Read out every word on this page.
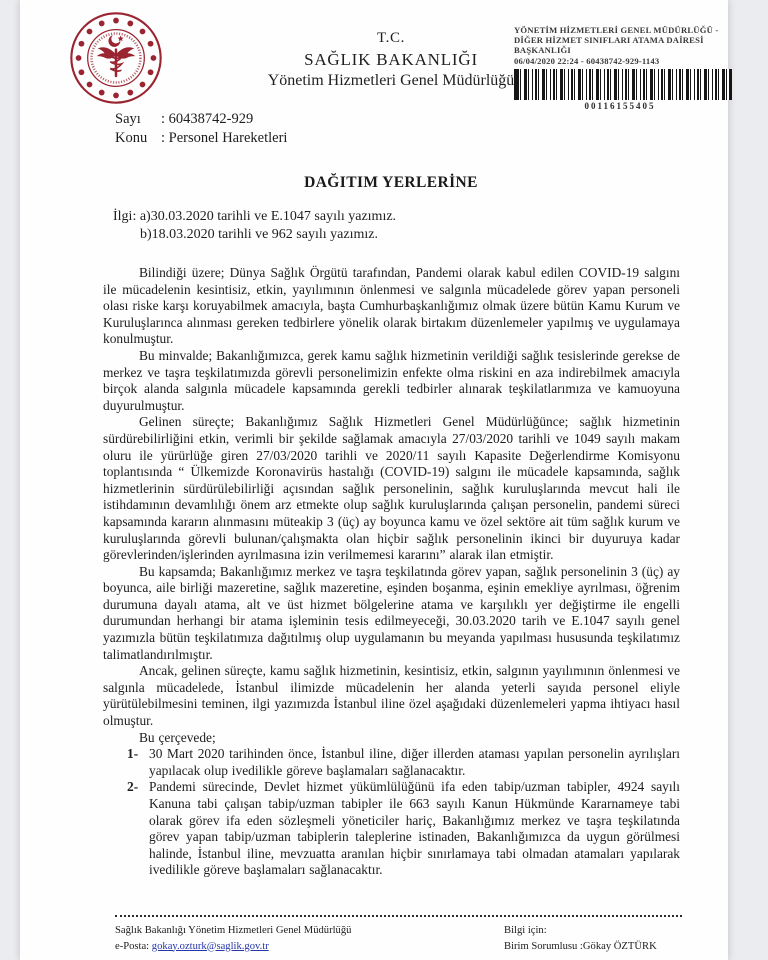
T.C.
SAĞLIK BAKANLIĞI
Yönetim Hizmetleri Genel Müdürlüğü
YÖNETİM HİZMETLERİ GENEL MÜDÜRLÜĞÜ -
DİĞER HİZMET SINIFLARI ATAMA DAİRESİ
BAŞKANLIĞI
06/04/2020 22:24 - 60438742-929-1143
00116155405
Sayı : 60438742-929
Konu : Personel Hareketleri
DAĞITIM YERLERİNE
İlgi: a)30.03.2020 tarihli ve E.1047 sayılı yazımız.
b)18.03.2020 tarihli ve 962 sayılı yazımız.

Bilindiği üzere; Dünya Sağlık Örgütü tarafından, Pandemi olarak kabul edilen COVID-19 salgını ile mücadelenin kesintisiz, etkin, yayılımının önlenmesi ve salgınla mücadelede görev yapan personeli olası riske karşı koruyabilmek amacıyla, başta Cumhurbaşkanlığımız olmak üzere bütün Kamu Kurum ve Kuruluşlarınca alınması gereken tedbirlere yönelik olarak birtakım düzenlemeler yapılmış ve uygulamaya konulmuştur.

Bu minvalde; Bakanlığımızca, gerek kamu sağlık hizmetinin verildiği sağlık tesislerinde gerekse de merkez ve taşra teşkilatımızda görevli personelimizin enfekte olma riskini en aza indirebilmek amacıyla birçok alanda salgınla mücadele kapsamında gerekli tedbirler alınarak teşkilatlarımıza ve kamuoyuna duyurulmuştur.

Gelinen süreçte; Bakanlığımız Sağlık Hizmetleri Genel Müdürlüğünce; sağlık hizmetinin sürdürebilirliğini etkin, verimli bir şekilde sağlamak amacıyla 27/03/2020 tarihli ve 1049 sayılı makam oluru ile yürürlüğe giren 27/03/2020 tarihli ve 2020/11 sayılı Kapasite Değerlendirme Komisyonu toplantısında “ Ülkemizde Koronavirüs hastalığı (COVID-19) salgını ile mücadele kapsamında, sağlık hizmetlerinin sürdürülebilirliği açısından sağlık personelinin, sağlık kuruluşlarında mevcut hali ile istihdamının devamlılığı önem arz etmekte olup sağlık kuruluşlarında çalışan personelin, pandemi süreci kapsamında kararın alınmasını müteakip 3 (üç) ay boyunca kamu ve özel sektöre ait tüm sağlık kurum ve kuruluşlarında görevli bulunan/çalışmakta olan hiçbir sağlık personelinin ikinci bir duyuruya kadar görevlerinden/işlerinden ayrılmasına izin verilmemesi kararını” alarak ilan etmiştir.

Bu kapsamda; Bakanlığımız merkez ve taşra teşkilatında görev yapan, sağlık personelinin 3 (üç) ay boyunca, aile birliği mazeretine, sağlık mazeretine, eşinden boşanma, eşinin emekliye ayrılması, öğrenim durumuna dayalı atama, alt ve üst hizmet bölgelerine atama ve karşılıklı yer değiştirme ile engelli durumundan herhangi bir atama işleminin tesis edilmeyeceği, 30.03.2020 tarih ve E.1047 sayılı genel yazımızla bütün teşkilatımıza dağıtılmış olup uygulamanın bu meyanda yapılması hususunda teşkilatımız talimatlandırılmıştır.

Ancak, gelinen süreçte, kamu sağlık hizmetinin, kesintisiz, etkin, salgının yayılımının önlenmesi ve salgınla mücadelede, İstanbul ilimizde mücadelenin her alanda yeterli sayıda personel eliyle yürütülebilmesini teminen, ilgi yazımızda İstanbul iline özel aşağıdaki düzenlemeleri yapma ihtiyacı hasıl olmuştur.

Bu çerçevede;

1- 30 Mart 2020 tarihinden önce, İstanbul iline, diğer illerden ataması yapılan personelin ayrılışları yapılacak olup ivedilikle göreve başlamaları sağlanacaktır.
2- Pandemi sürecinde, Devlet hizmet yükümlülüğünü ifa eden tabip/uzman tabipler, 4924 sayılı Kanuna tabi çalışan tabip/uzman tabipler ile 663 sayılı Kanun Hükmünde Kararnameye tabi olarak görev ifa eden sözleşmeli yöneticiler hariç, Bakanlığımız merkez ve taşra teşkilatında görev yapan tabip/uzman tabiplerin taleplerine istinaden, Bakanlığımızca da uygun görülmesi halinde, İstanbul iline, mevzuatta aranılan hiçbir sınırlamaya tabi olmadan atamaları yapılarak ivedilikle göreve başlamaları sağlanacaktır.
Sağlık Bakanlığı Yönetim Hizmetleri Genel Müdürlüğü
e-Posta: gokay.ozturk@saglik.gov.tr
Bilgi için:
Birim Sorumlusu :Gökay ÖZTÜRK
